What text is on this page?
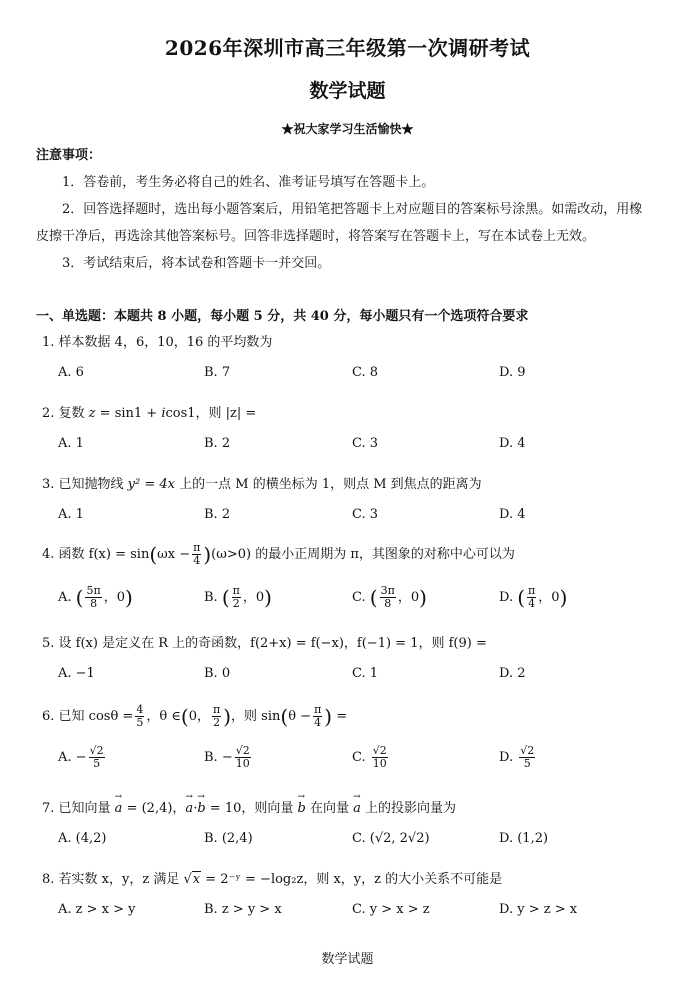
2026年深圳市高三年级第一次调研考试
数学试题
★祝大家学习生活愉快★
注意事项：
1．答卷前，考生务必将自己的姓名、准考证号填写在答题卡上。
2．回答选择题时，选出每小题答案后，用铅笔把答题卡上对应题目的答案标号涂黑。如需改动，用橡
皮擦干净后，再选涂其他答案标号。回答非选择题时，将答案写在答题卡上，写在本试卷上无效。
3．考试结束后，将本试卷和答题卡一并交回。
一、单选题：本题共 8 小题，每小题 5 分，共 40 分，每小题只有一个选项符合要求
1. 样本数据 4，6，10，16 的平均数为
A. 6	B. 7	C. 8	D. 9
2. 复数 z = sin1 + icos1，则 |z| =
A. 1	B. 2	C. 3	D. 4
3. 已知抛物线 y² = 4x 上的一点 M 的横坐标为 1，则点 M 到焦点的距离为
A. 1	B. 2	C. 3	D. 4
4. 函数 $f(x) = \sin(\omega x - \frac{\pi}{4} )(\omega>0)$ 的最小正周期为 π，其图象的对称中心可以为
A. ( $\frac{5\pi}{8}$ ，0)	B. ( $\frac{\pi}{2}$ ，0)	C. ( $\frac{3\pi}{8}$ ，0)	D. ( $\frac{\pi}{4}$ ，0)
5. 设 f(x) 是定义在 R 上的奇函数，f(2+x) = f(−x)，f(−1) = 1，则 f(9) =
A. −1	B. 0	C. 1	D. 2
6. 已知 $\cos\theta = \frac{4}{5}$ ，θ ∈(0， $\frac{\pi}{2}$ )，则 $\sin(\theta - \frac{\pi}{4}$ ) =
A. − $\frac{√2}{5}$	B. − $\frac{√2}{10}$	C. $\frac{√2}{10}$	D. $\frac{√2}{5}$
7. 已知向量 → a = (2,4)，→ a·→ b = 10，则向量 → b 在向量 → a 上的投影向量为
A. (4,2)	B. (2,4)	C. (√2, 2√2)	D. (1,2)
8. 若实数 x，y，z 满足 √x = 2⁻ʸ = −log₂z，则 x，y，z 的大小关系不可能是
A. z > x > y	B. z > y > x	C. y > x > z	D. y > z > x
数学试题
